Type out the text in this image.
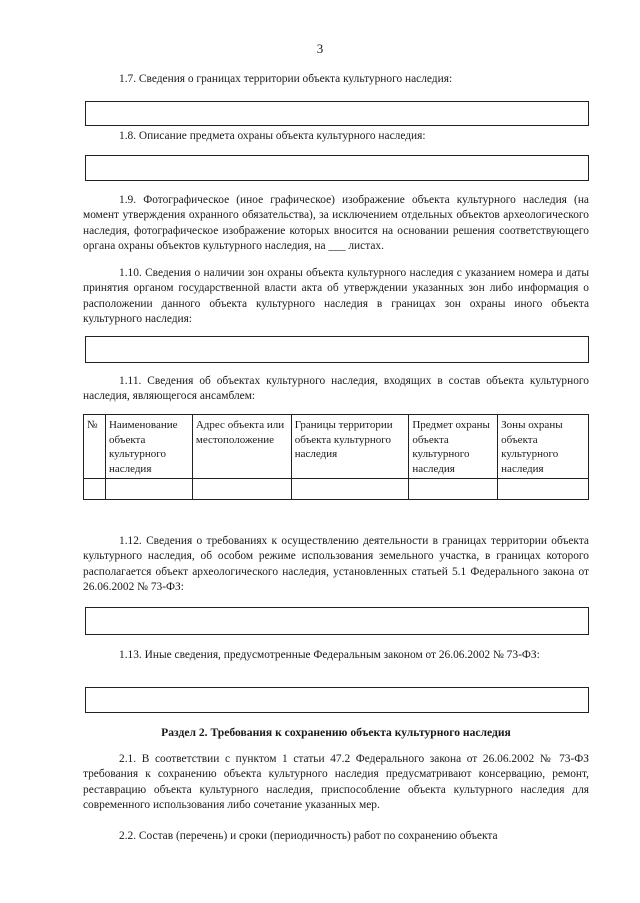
3

1.7. Сведения о границах территории объекта культурного наследия:

1.8. Описание предмета охраны объекта культурного наследия:

1.9. Фотографическое (иное графическое) изображение объекта культурного наследия (на момент утверждения охранного обязательства), за исключением отдельных объектов археологического наследия, фотографическое изображение которых вносится на основании решения соответствующего органа охраны объектов культурного наследия, на ___ листах.

1.10. Сведения о наличии зон охраны объекта культурного наследия с указанием номера и даты принятия органом государственной власти акта об утверждении указанных зон либо информация о расположении данного объекта культурного наследия в границах зон охраны иного объекта культурного наследия:

1.11. Сведения об объектах культурного наследия, входящих в состав объекта культурного наследия, являющегося ансамблем:

№	Наименование объекта культурного наследия	Адрес объекта или местоположение	Границы территории объекта культурного наследия	Предмет охраны объекта культурного наследия	Зоны охраны объекта культурного наследия

1.12. Сведения о требованиях к осуществлению деятельности в границах территории объекта культурного наследия, об особом режиме использования земельного участка, в границах которого располагается объект археологического наследия, установленных статьей 5.1 Федерального закона от 26.06.2002 № 73-ФЗ:

1.13. Иные сведения, предусмотренные Федеральным законом от 26.06.2002 № 73-ФЗ:

Раздел 2. Требования к сохранению объекта культурного наследия

2.1. В соответствии с пунктом 1 статьи 47.2 Федерального закона от 26.06.2002 № 73-ФЗ требования к сохранению объекта культурного наследия предусматривают консервацию, ремонт, реставрацию объекта культурного наследия, приспособление объекта культурного наследия для современного использования либо сочетание указанных мер.

2.2. Состав (перечень) и сроки (периодичность) работ по сохранению объекта
